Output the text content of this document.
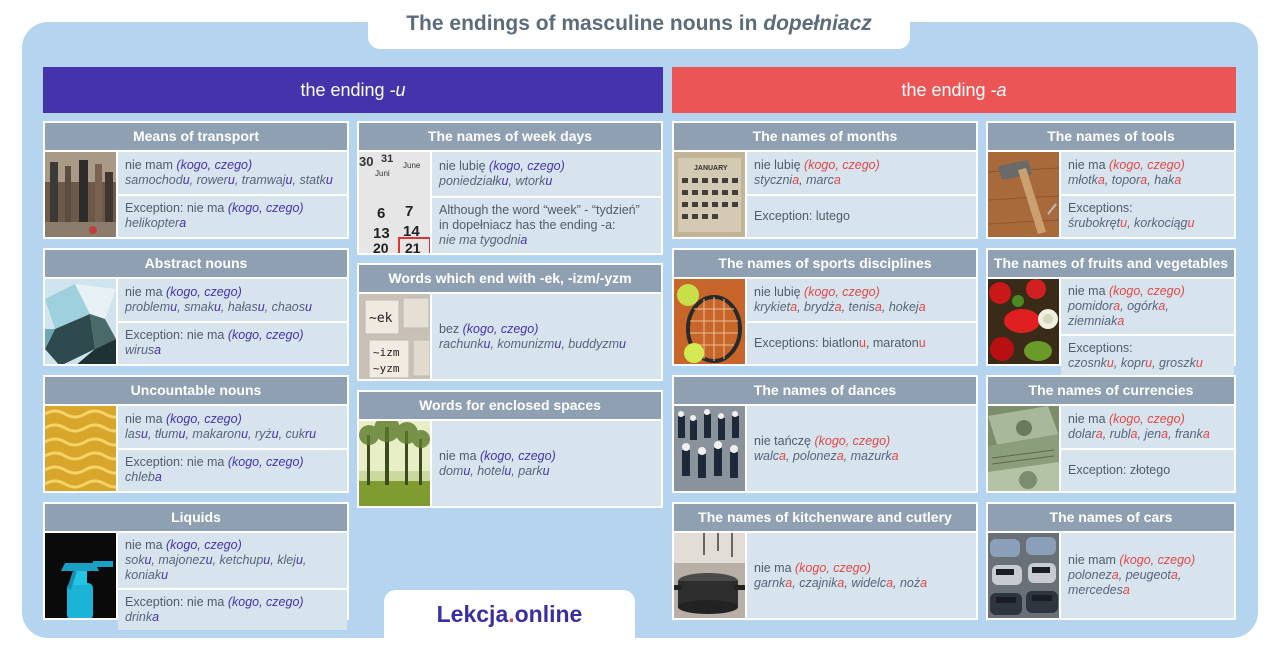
The endings of masculine nouns in dopełniacz
the ending -u	the ending -a
Means of transport
nie mam (kogo, czego)
samochodu, roweru, tramwaju, statku
Exception: nie ma (kogo, czego)
helikoptera
Abstract nouns
nie ma (kogo, czego)
problemu, smaku, hałasu, chaosu
Exception: nie ma (kogo, czego)
wirusa
Uncountable nouns
nie ma (kogo, czego)
lasu, tłumu, makaronu, ryżu, cukru
Exception: nie ma (kogo, czego)
chleba
Liquids
nie ma (kogo, czego)
soku, majonezu, ketchupu, kleju, koniaku
Exception: nie ma (kogo, czego)
drinka
The names of week days
30 31
June
Juni
6 7
13 14
20 21
nie lubię (kogo, czego)
poniedziałku, wtorku
Although the word “week” - “tydzień”
in dopełniacz has the ending -a:
nie ma tygodnia
Words which end with -ek, -izm/-yzm
~ek
~izm
~yzm
bez (kogo, czego)
rachunku, komunizmu, buddyzmu
Words for enclosed spaces
nie ma (kogo, czego)
domu, hotelu, parku
The names of months
JANUARY nie lubię (kogo, czego)
stycznia, marca
Exception: lutego
The names of sports disciplines
nie lubię (kogo, czego)
krykieta, brydża, tenisa, hokeja
Exceptions: biatlonu, maratonu
The names of dances
nie tańczę (kogo, czego)
walca, poloneza, mazurka
The names of kitchenware and cutlery
nie ma (kogo, czego)
garnka, czajnika, widelca, noża
The names of tools
nie ma (kogo, czego)
młotka, topora, haka
Exceptions:
śrubokrętu, korkociągu
The names of fruits and vegetables
nie ma (kogo, czego)
pomidora, ogórka, ziemniaka
Exceptions:
czosnku, kopru, groszku
The names of currencies
nie ma (kogo, czego)
dolara, rubla, jena, franka
Exception: złotego
The names of cars
nie mam (kogo, czego)
poloneza, peugeota,
mercedesa
Lekcja.online
